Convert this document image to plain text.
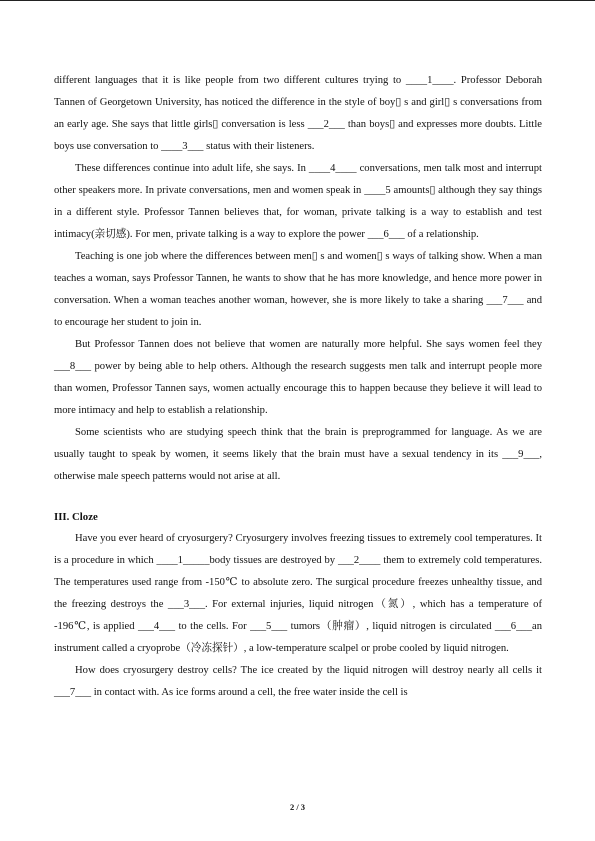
different languages that it is like people from two different cultures trying to ____1____. Professor Deborah Tannen of Georgetown University, has noticed the difference in the style of boy▯ s and girl▯ s conversations from an early age. She says that little girls▯ conversation is less ___2___ than boys▯ and expresses more doubts. Little boys use conversation to ____3___ status with their listeners.

These differences continue into adult life, she says. In ____4____ conversations, men talk most and interrupt other speakers more. In private conversations, men and women speak in ____5 amounts▯ although they say things in a different style. Professor Tannen believes that, for woman, private talking is a way to establish and test intimacy(亲切感). For men, private talking is a way to explore the power ___6___ of a relationship.

Teaching is one job where the differences between men▯ s and women▯ s ways of talking show. When a man teaches a woman, says Professor Tannen, he wants to show that he has more knowledge, and hence more power in conversation. When a woman teaches another woman, however, she is more likely to take a sharing ___7___ and to encourage her student to join in.

But Professor Tannen does not believe that women are naturally more helpful. She says women feel they ___8___ power by being able to help others. Although the research suggests men talk and interrupt people more than women, Professor Tannen says, women actually encourage this to happen because they believe it will lead to more intimacy and help to establish a relationship.

Some scientists who are studying speech think that the brain is preprogrammed for language. As we are usually taught to speak by women, it seems likely that the brain must have a sexual tendency in its ___9___, otherwise male speech patterns would not arise at all.

III. Cloze

Have you ever heard of cryosurgery? Cryosurgery involves freezing tissues to extremely cool temperatures. It is a procedure in which ____1_____body tissues are destroyed by ___2____ them to extremely cold temperatures. The temperatures used range from -150℃ to absolute zero. The surgical procedure freezes unhealthy tissue, and the freezing destroys the ___3___. For external injuries, liquid nitrogen（氮）, which has a temperature of -196℃, is applied ___4___ to the cells. For ___5___ tumors（肿瘤）, liquid nitrogen is circulated ___6___an instrument called a cryoprobe（冷冻探针）, a low-temperature scalpel or probe cooled by liquid nitrogen.

How does cryosurgery destroy cells? The ice created by the liquid nitrogen will destroy nearly all cells it ___7___ in contact with. As ice forms around a cell, the free water inside the cell is

2 / 3
